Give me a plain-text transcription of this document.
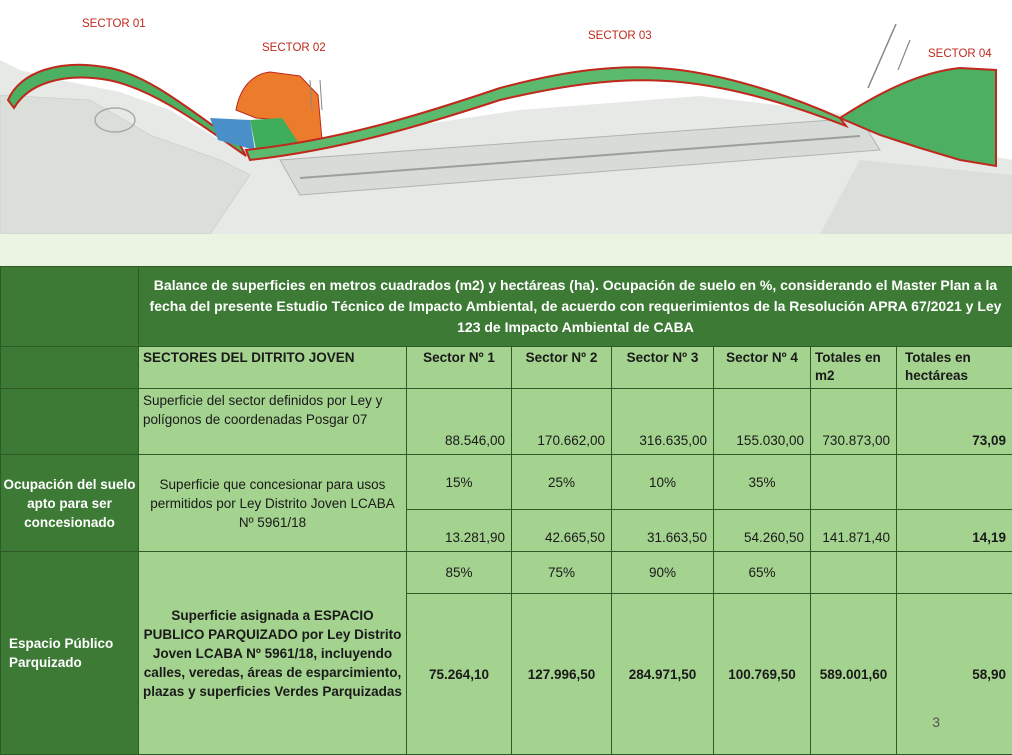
SECTOR 01
SECTOR 02
SECTOR 03
SECTOR 04
	Balance de superficies en metros cuadrados (m2) y hectáreas (ha). Ocupación de suelo en %, considerando el Master Plan a la fecha del presente Estudio Técnico de Impacto Ambiental, de acuerdo con requerimientos de la Resolución APRA 67/2021 y Ley 123 de Impacto Ambiental de CABA						
	SECTORES DEL DITRITO JOVEN	Sector Nº 1	Sector Nº 2	Sector Nº 3	Sector Nº 4	Totales en m2	Totales en hectáreas
	Superficie del sector definidos por Ley y polígonos de coordenadas Posgar 07	88.546,00	170.662,00	316.635,00	155.030,00	730.873,00	73,09
Ocupación del suelo apto para ser concesionado	Superficie que concesionar para usos permitidos por Ley Distrito Joven LCABA Nº 5961/18	15%	25%	10%	35%		
		13.281,90	42.665,50	31.663,50	54.260,50	141.871,40	14,19
Espacio Público Parquizado	Superficie asignada a ESPACIO PUBLICO PARQUIZADO por Ley Distrito Joven LCABA Nº 5961/18, incluyendo calles, veredas, áreas de esparcimiento, plazas y superficies Verdes Parquizadas	85%	75%	90%	65%		
		75.264,10	127.996,50	284.971,50	100.769,50	589.001,60	58,90
3
